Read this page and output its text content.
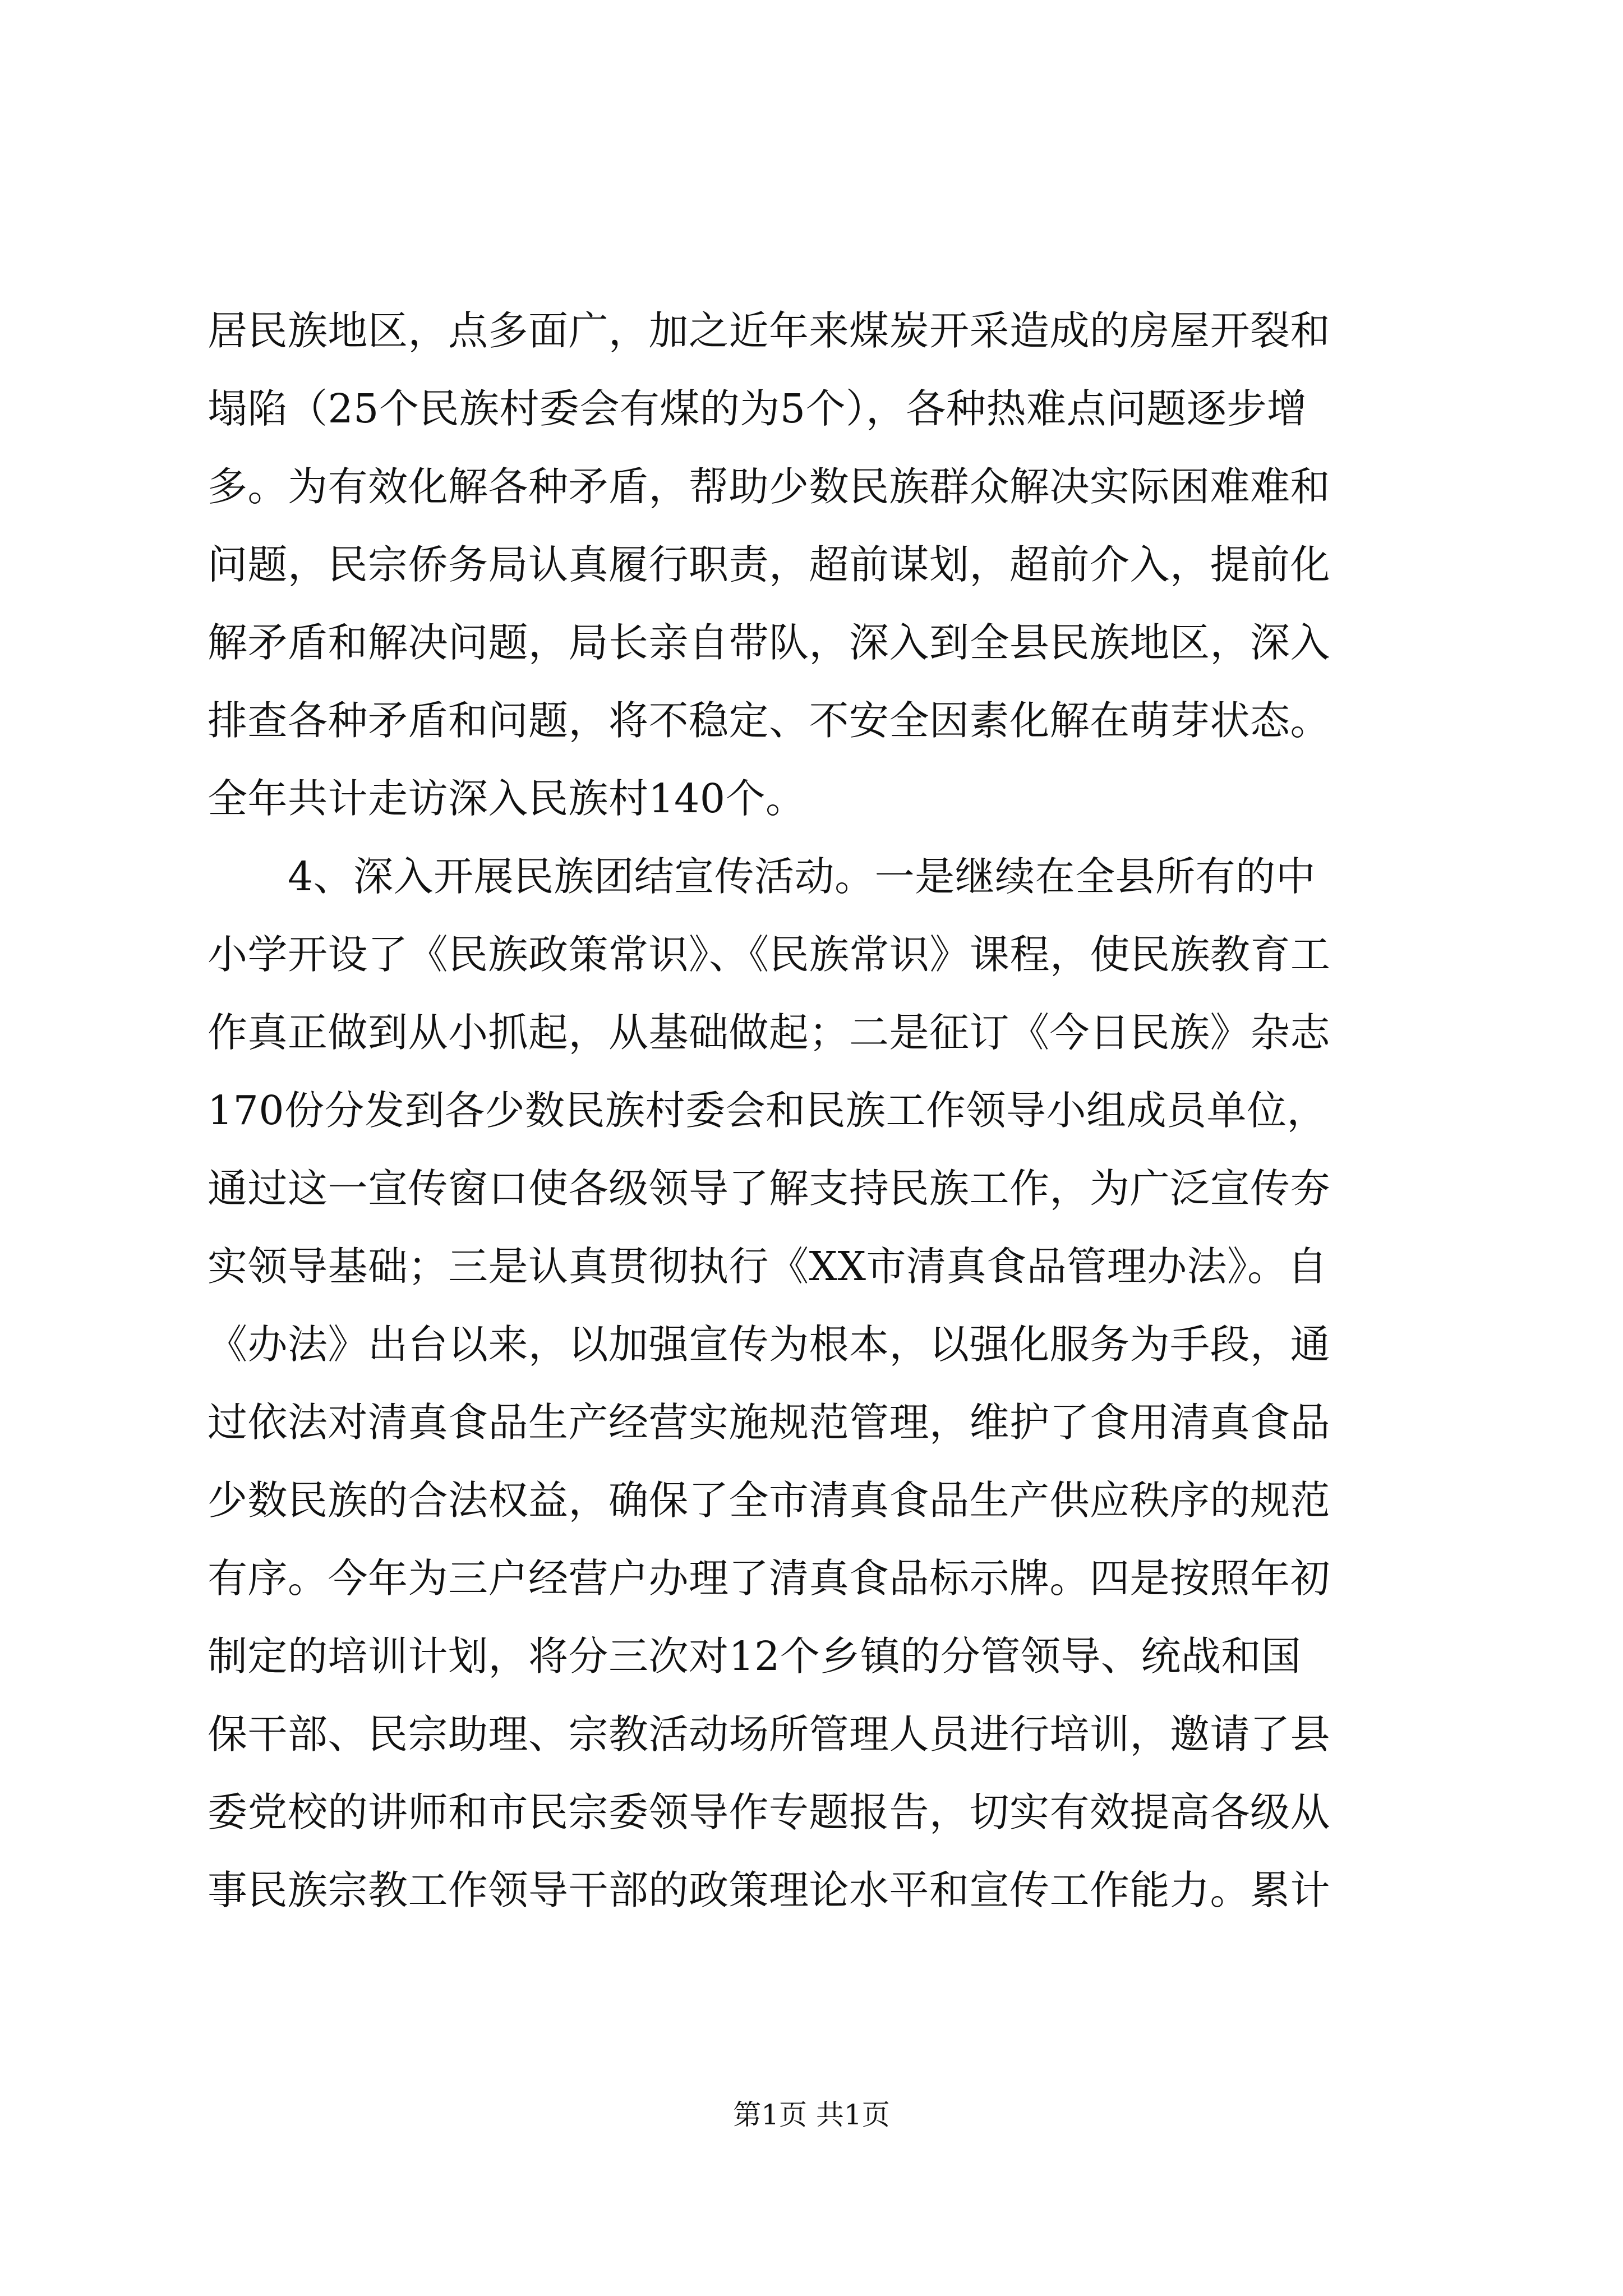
居民族地区，点多面广，加之近年来煤炭开采造成的房屋开裂和
塌陷（25个民族村委会有煤的为5个），各种热难点问题逐步增
多。为有效化解各种矛盾，帮助少数民族群众解决实际困难难和
问题，民宗侨务局认真履行职责，超前谋划，超前介入，提前化
解矛盾和解决问题，局长亲自带队，深入到全县民族地区，深入
排查各种矛盾和问题，将不稳定、不安全因素化解在萌芽状态。
全年共计走访深入民族村140个。
　　4、深入开展民族团结宣传活动。一是继续在全县所有的中
小学开设了《民族政策常识》、《民族常识》课程，使民族教育工
作真正做到从小抓起，从基础做起；二是征订《今日民族》杂志
170份分发到各少数民族村委会和民族工作领导小组成员单位，
通过这一宣传窗口使各级领导了解支持民族工作，为广泛宣传夯
实领导基础；三是认真贯彻执行《XX市清真食品管理办法》。自
《办法》出台以来，以加强宣传为根本，以强化服务为手段，通
过依法对清真食品生产经营实施规范管理，维护了食用清真食品
少数民族的合法权益，确保了全市清真食品生产供应秩序的规范
有序。今年为三户经营户办理了清真食品标示牌。四是按照年初
制定的培训计划，将分三次对12个乡镇的分管领导、统战和国
保干部、民宗助理、宗教活动场所管理人员进行培训，邀请了县
委党校的讲师和市民宗委领导作专题报告，切实有效提高各级从
事民族宗教工作领导干部的政策理论水平和宣传工作能力。累计
第1页 共1页
